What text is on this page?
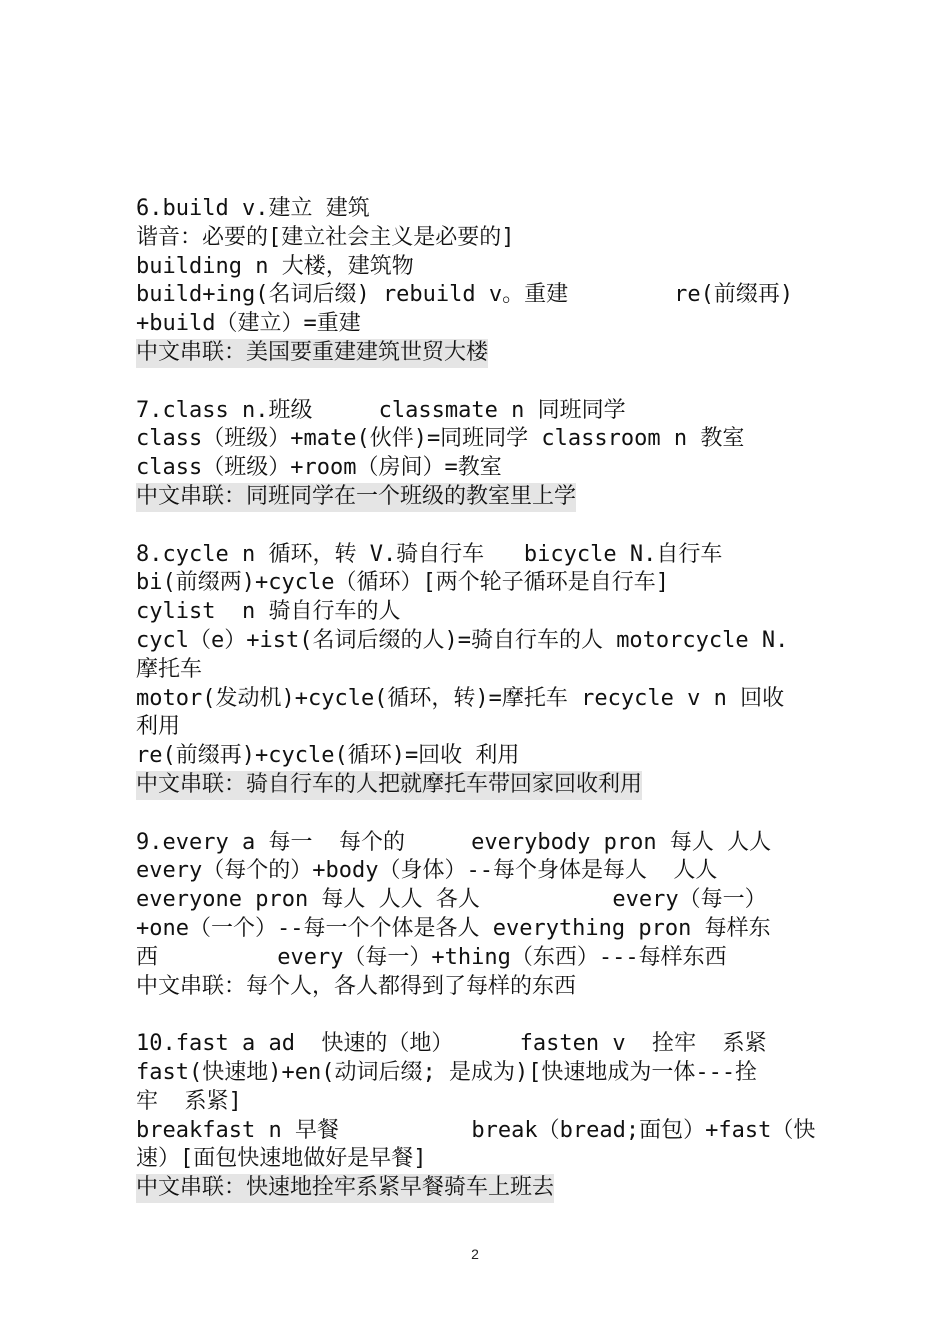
6.build v.建立 建筑
谐音：必要的[建立社会主义是必要的]
building n 大楼，建筑物
build+ing(名词后缀) rebuild v。重建        re(前缀再)
+build（建立）=重建
中文串联：美国要重建建筑世贸大楼
7.class n.班级     classmate n 同班同学
class（班级）+mate(伙伴)=同班同学 classroom n 教室
class（班级）+room（房间）=教室
中文串联：同班同学在一个班级的教室里上学
8.cycle n 循环，转 V.骑自行车   bicycle N.自行车
bi(前缀两)+cycle（循环）[两个轮子循环是自行车]
cylist  n 骑自行车的人
cycl（e）+ist(名词后缀的人)=骑自行车的人 motorcycle N.
摩托车
motor(发动机)+cycle(循环，转)=摩托车 recycle v n 回收
利用
re(前缀再)+cycle(循环)=回收 利用
中文串联：骑自行车的人把就摩托车带回家回收利用
9.every a 每一  每个的     everybody pron 每人 人人
every（每个的）+body（身体）--每个身体是每人  人人
everyone pron 每人 人人 各人          every（每一）
+one（一个）--每一个个体是各人 everything pron 每样东
西         every（每一）+thing（东西）---每样东西
中文串联：每个人，各人都得到了每样的东西
10.fast a ad  快速的（地）     fasten v  拴牢  系紧
fast(快速地)+en(动词后缀; 是成为)[快速地成为一体---拴
牢  系紧]
breakfast n 早餐          break（bread;面包）+fast（快
速）[面包快速地做好是早餐]
中文串联：快速地拴牢系紧早餐骑车上班去
2
